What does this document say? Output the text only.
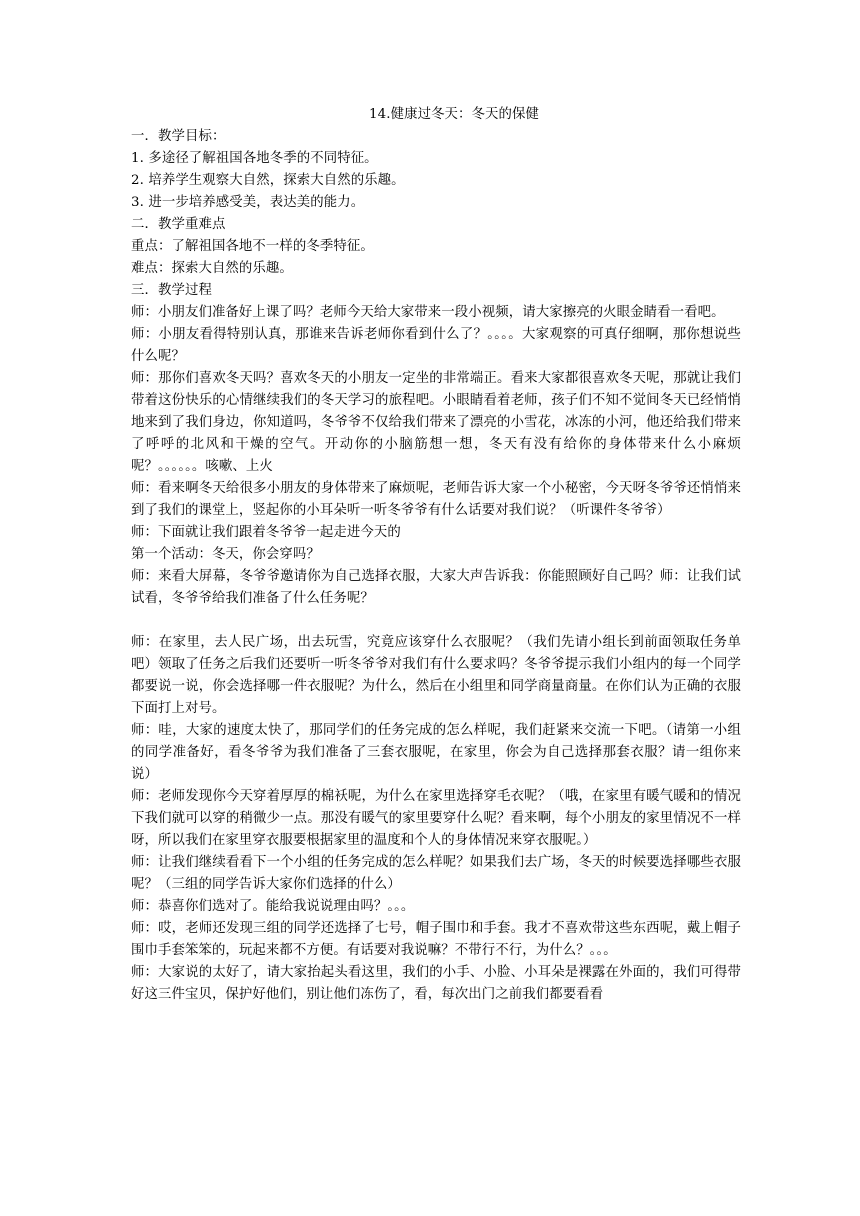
14.健康过冬天：冬天的保健

一．教学目标：

1. 多途径了解祖国各地冬季的不同特征。

2. 培养学生观察大自然，探索大自然的乐趣。

3. 进一步培养感受美，表达美的能力。

二．教学重难点

重点：了解祖国各地不一样的冬季特征。

难点：探索大自然的乐趣。

三．教学过程

师：小朋友们准备好上课了吗？老师今天给大家带来一段小视频，请大家擦亮的火眼金睛看一看吧。

师：小朋友看得特别认真，那谁来告诉老师你看到什么了？。。。。大家观察的可真仔细啊，那你想说些什么呢？

师：那你们喜欢冬天吗？喜欢冬天的小朋友一定坐的非常端正。看来大家都很喜欢冬天呢，那就让我们带着这份快乐的心情继续我们的冬天学习的旅程吧。小眼睛看着老师，孩子们不知不觉间冬天已经悄悄地来到了我们身边，你知道吗，冬爷爷不仅给我们带来了漂亮的小雪花，冰冻的小河，他还给我们带来了呼呼的北风和干燥的空气。开动你的小脑筋想一想，冬天有没有给你的身体带来什么小麻烦呢？。。。。。。咳嗽、上火

师：看来啊冬天给很多小朋友的身体带来了麻烦呢，老师告诉大家一个小秘密，今天呀冬爷爷还悄悄来到了我们的课堂上，竖起你的小耳朵听一听冬爷爷有什么话要对我们说？（听课件冬爷爷）

师：下面就让我们跟着冬爷爷一起走进今天的

第一个活动：冬天，你会穿吗？

师：来看大屏幕，冬爷爷邀请你为自己选择衣服，大家大声告诉我：你能照顾好自己吗？师：让我们试试看，冬爷爷给我们准备了什么任务呢？

师：在家里，去人民广场，出去玩雪，究竟应该穿什么衣服呢？（我们先请小组长到前面领取任务单吧）领取了任务之后我们还要听一听冬爷爷对我们有什么要求吗？冬爷爷提示我们小组内的每一个同学都要说一说，你会选择哪一件衣服呢？为什么，然后在小组里和同学商量商量。在你们认为正确的衣服下面打上对号。

师：哇，大家的速度太快了，那同学们的任务完成的怎么样呢，我们赶紧来交流一下吧。（请第一小组的同学准备好，看冬爷爷为我们准备了三套衣服呢，在家里，你会为自己选择那套衣服？请一组你来说）

师：老师发现你今天穿着厚厚的棉袄呢，为什么在家里选择穿毛衣呢？（哦，在家里有暖气暖和的情况下我们就可以穿的稍微少一点。那没有暖气的家里要穿什么呢？看来啊，每个小朋友的家里情况不一样呀，所以我们在家里穿衣服要根据家里的温度和个人的身体情况来穿衣服呢。）

师：让我们继续看看下一个小组的任务完成的怎么样呢？如果我们去广场，冬天的时候要选择哪些衣服呢？（三组的同学告诉大家你们选择的什么）

师：恭喜你们选对了。能给我说说理由吗？。。。

师：哎，老师还发现三组的同学还选择了七号，帽子围巾和手套。我才不喜欢带这些东西呢，戴上帽子围巾手套笨笨的，玩起来都不方便。有话要对我说嘛？不带行不行，为什么？。。。

师：大家说的太好了，请大家抬起头看这里，我们的小手、小脸、小耳朵是裸露在外面的，我们可得带好这三件宝贝，保护好他们，别让他们冻伤了，看，每次出门之前我们都要看看
